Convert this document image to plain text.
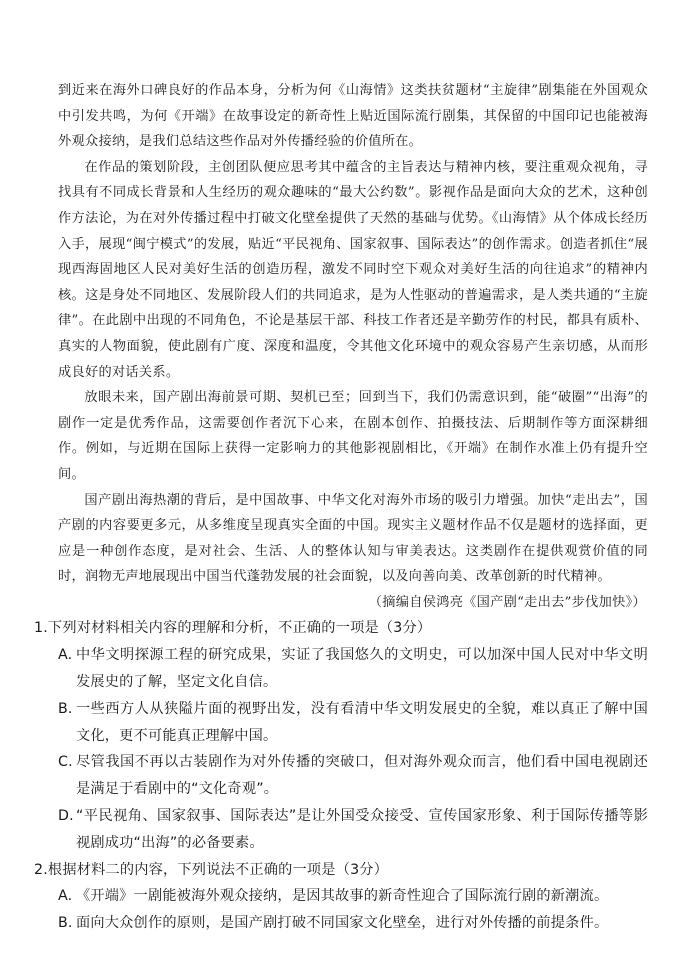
到近来在海外口碑良好的作品本身，分析为何《山海情》这类扶贫题材“主旋律”剧集能在外国观众中引发共鸣，为何《开端》在故事设定的新奇性上贴近国际流行剧集，其保留的中国印记也能被海外观众接纳，是我们总结这些作品对外传播经验的价值所在。

在作品的策划阶段，主创团队便应思考其中蕴含的主旨表达与精神内核，要注重观众视角，寻找具有不同成长背景和人生经历的观众趣味的“最大公约数”。影视作品是面向大众的艺术，这种创作方法论，为在对外传播过程中打破文化壁垒提供了天然的基础与优势。《山海情》从个体成长经历入手，展现“闽宁模式”的发展，贴近“平民视角、国家叙事、国际表达”的创作需求。创造者抓住“展现西海固地区人民对美好生活的创造历程，激发不同时空下观众对美好生活的向往追求”的精神内核。这是身处不同地区、发展阶段人们的共同追求，是为人性驱动的普遍需求，是人类共通的“主旋律”。在此剧中出现的不同角色，不论是基层干部、科技工作者还是辛勤劳作的村民，都具有质朴、真实的人物面貌，使此剧有广度、深度和温度，令其他文化环境中的观众容易产生亲切感，从而形成良好的对话关系。

放眼未来，国产剧出海前景可期、契机已至；回到当下，我们仍需意识到，能“破圈”“出海”的剧作一定是优秀作品，这需要创作者沉下心来，在剧本创作、拍摄技法、后期制作等方面深耕细作。例如，与近期在国际上获得一定影响力的其他影视剧相比，《开端》在制作水准上仍有提升空间。

国产剧出海热潮的背后，是中国故事、中华文化对海外市场的吸引力增强。加快“走出去”，国产剧的内容要更多元，从多维度呈现真实全面的中国。现实主义题材作品不仅是题材的选择面，更应是一种创作态度，是对社会、生活、人的整体认知与审美表达。这类剧作在提供观赏价值的同时，润物无声地展现出中国当代蓬勃发展的社会面貌，以及向善向美、改革创新的时代精神。

（摘编自侯鸿亮《国产剧“走出去”步伐加快》）
1.下列对材料相关内容的理解和分析，不正确的一项是（3分）
A. 中华文明探源工程的研究成果，实证了我国悠久的文明史，可以加深中国人民对中华文明发展史的了解，坚定文化自信。
B. 一些西方人从狭隘片面的视野出发，没有看清中华文明发展史的全貌，难以真正了解中国文化，更不可能真正理解中国。
C. 尽管我国不再以古装剧作为对外传播的突破口，但对海外观众而言，他们看中国电视剧还是满足于看剧中的“文化奇观”。
D. “平民视角、国家叙事、国际表达”是让外国受众接受、宣传国家形象、利于国际传播等影视剧成功“出海”的必备要素。
2.根据材料二的内容，下列说法不正确的一项是（3分）
A. 《开端》一剧能被海外观众接纳，是因其故事的新奇性迎合了国际流行剧的新潮流。
B. 面向大众创作的原则，是国产剧打破不同国家文化壁垒，进行对外传播的前提条件。
